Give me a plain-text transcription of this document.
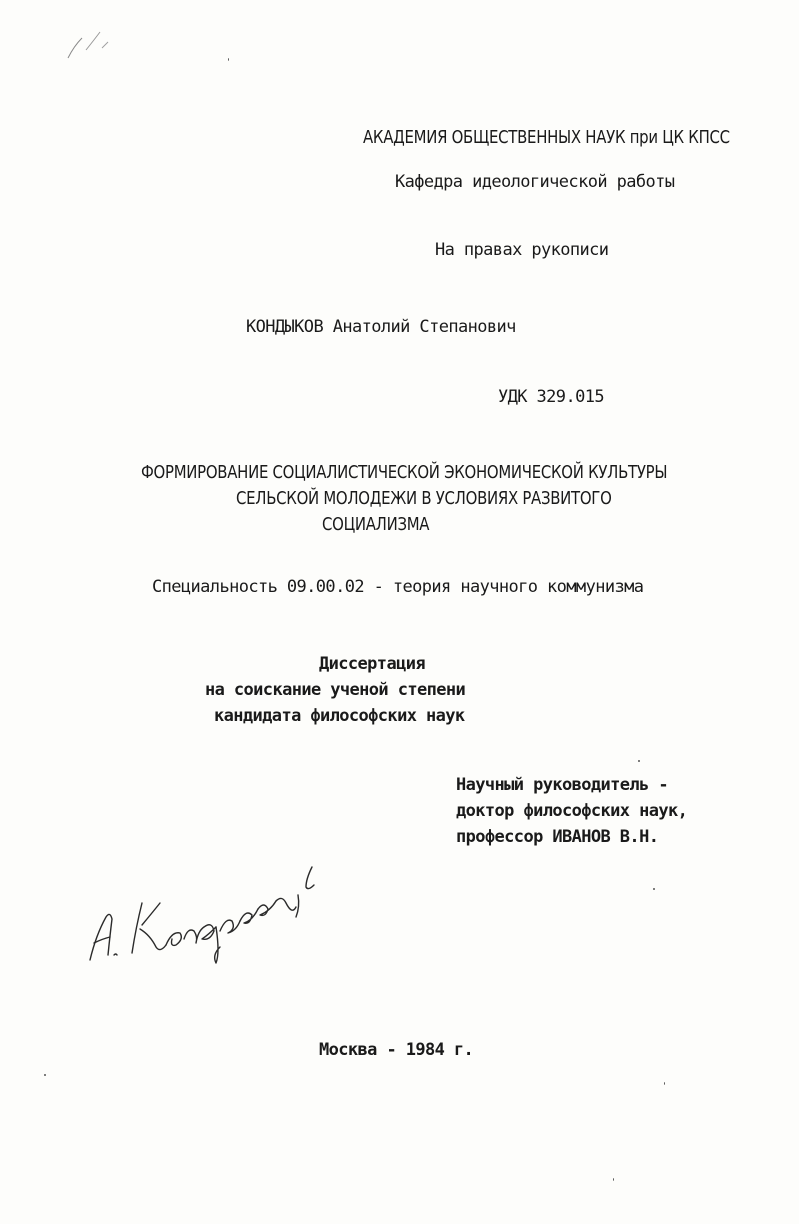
АКАДЕМИЯ ОБЩЕСТВЕННЫХ НАУК при ЦК КПСС
Кафедра идеологической работы
На правах рукописи
КОНДЫКОВ Анатолий Степанович
УДК 329.015
ФОРМИРОВАНИЕ СОЦИАЛИСТИЧЕСКОЙ ЭКОНОМИЧЕСКОЙ КУЛЬТУРЫ
СЕЛЬСКОЙ МОЛОДЕЖИ В УСЛОВИЯХ РАЗВИТОГО
СОЦИАЛИЗМА
Специальность 09.00.02 - теория научного коммунизма
Диссертация
на соискание ученой степени
кандидата философских наук
Научный руководитель -
доктор философских наук,
профессор ИВАНОВ В.Н.
Москва - 1984 г.
